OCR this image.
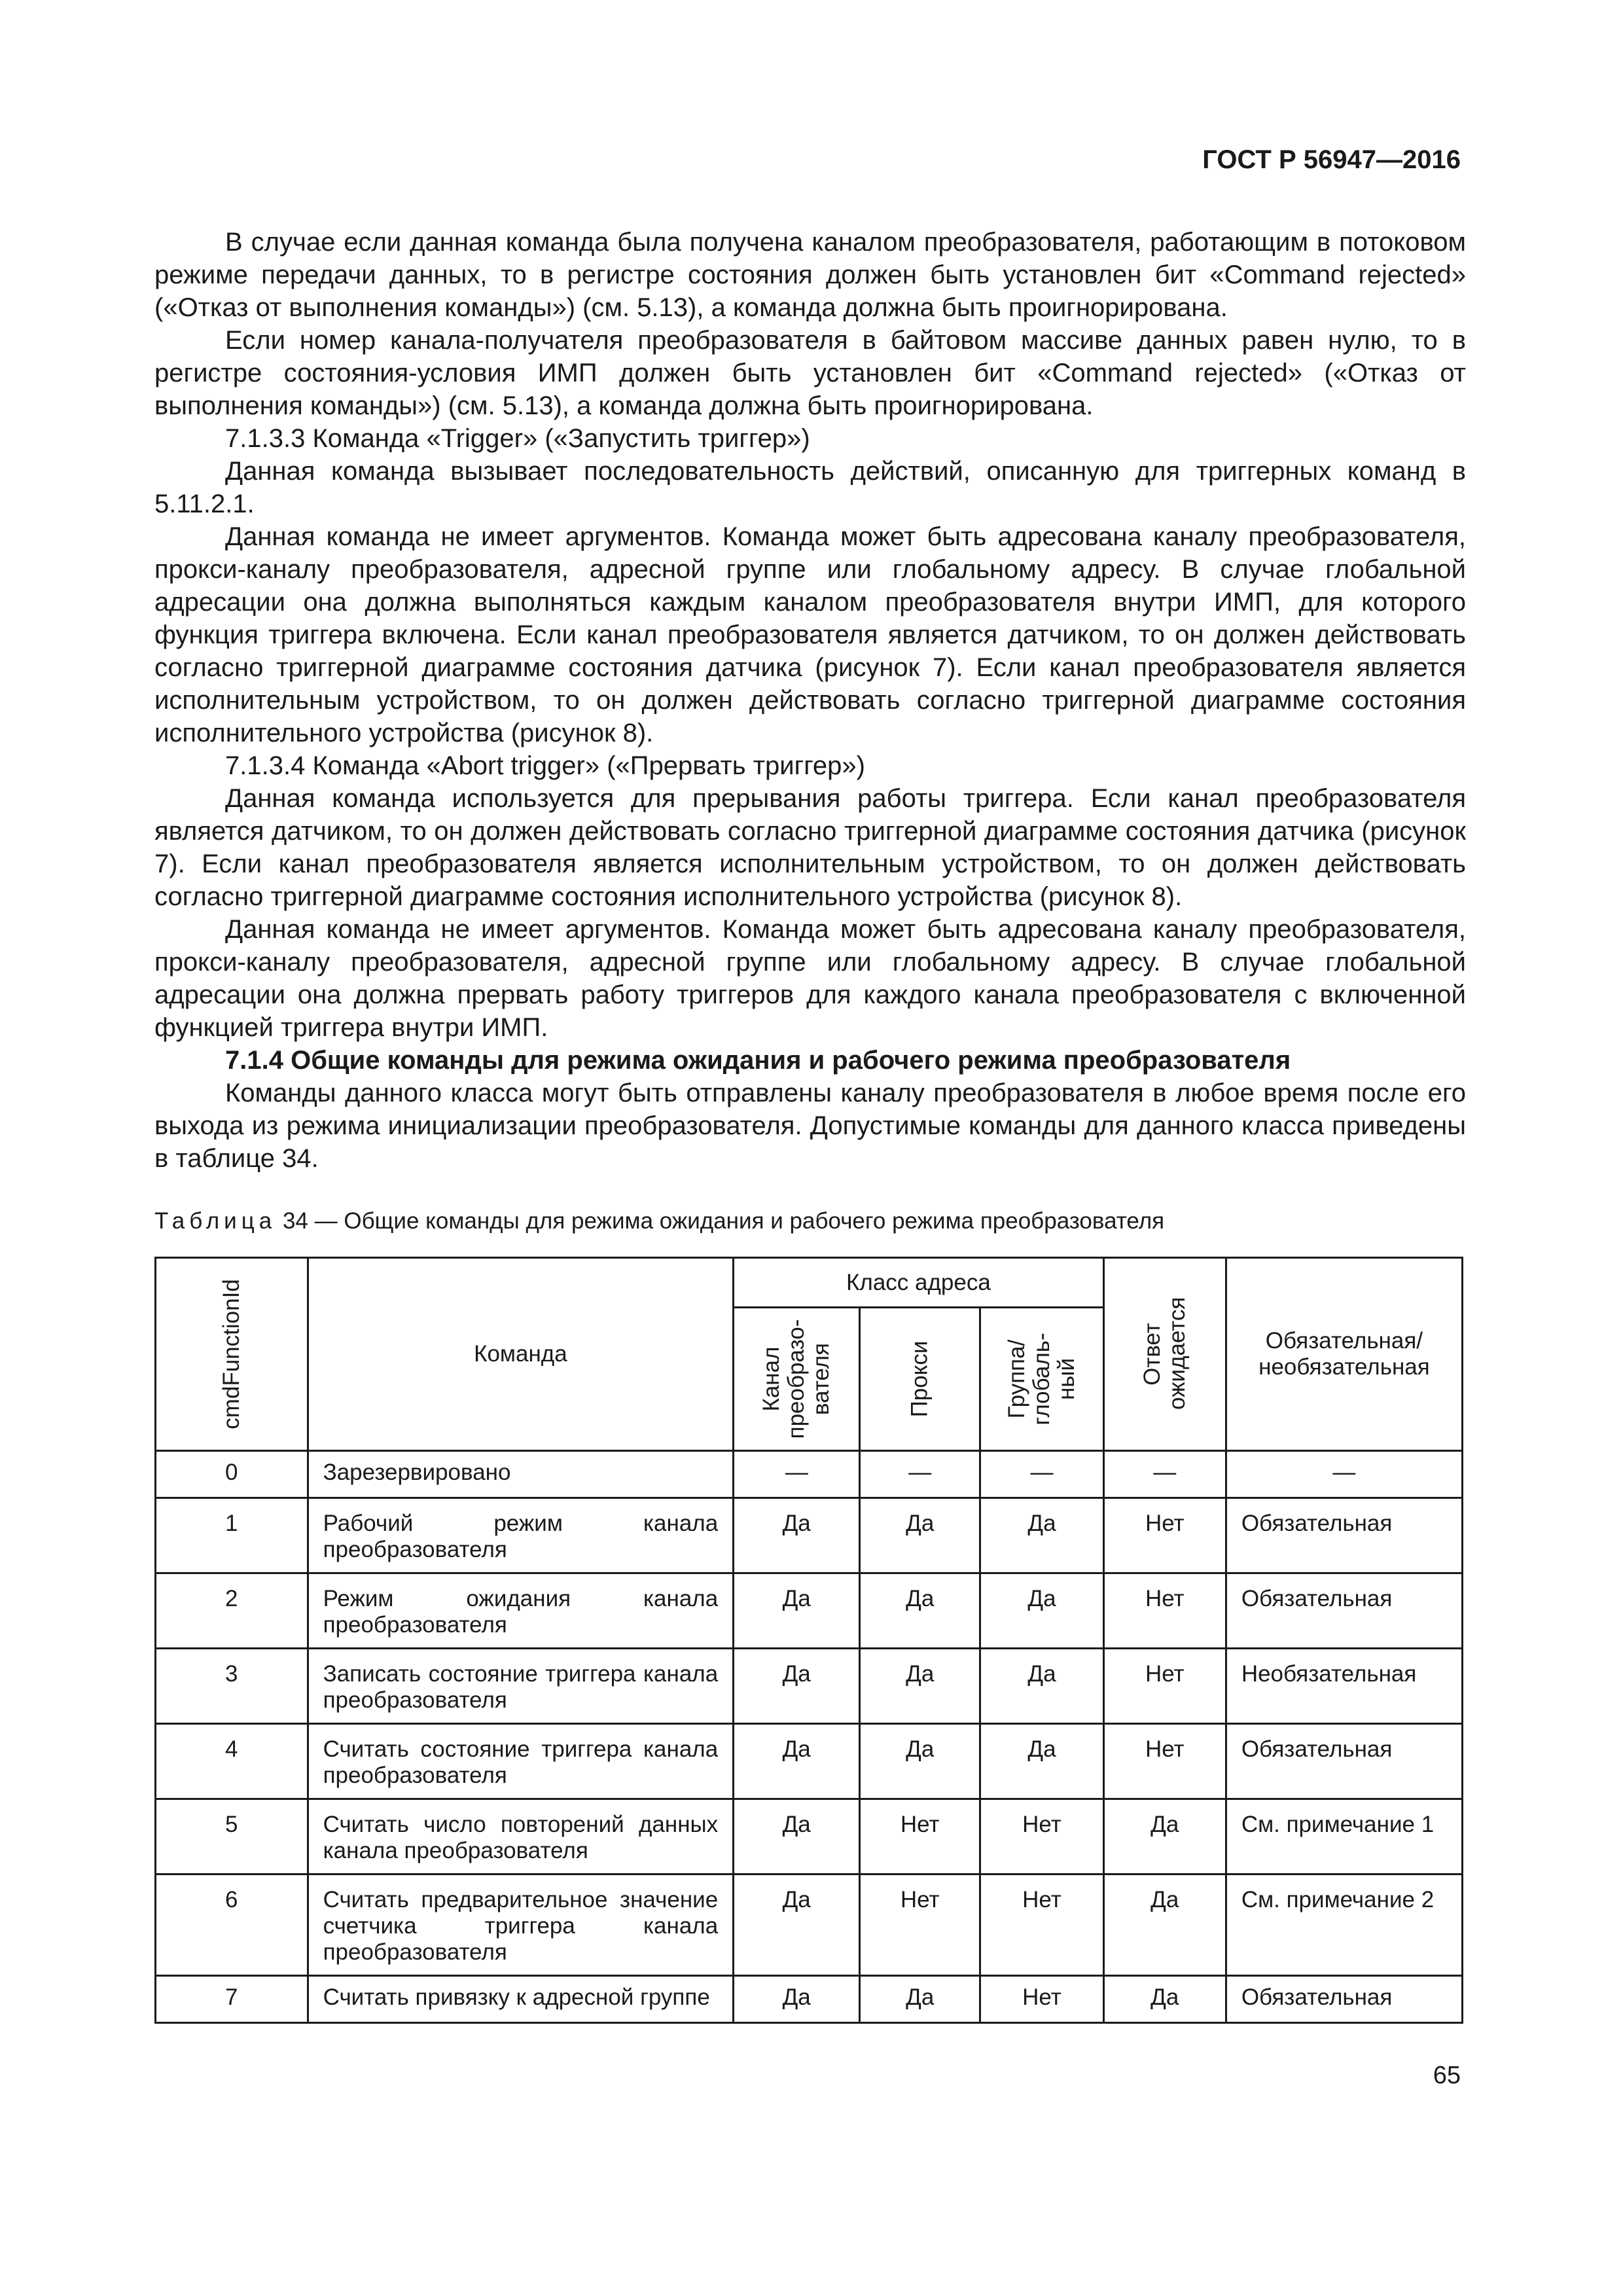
ГОСТ Р 56947—2016

В случае если данная команда была получена каналом преобразователя, работающим в потоковом режиме передачи данных, то в регистре состояния должен быть установлен бит «Command rejected» («Отказ от выполнения команды») (см. 5.13), а команда должна быть проигнорирована.

Если номер канала-получателя преобразователя в байтовом массиве данных равен нулю, то в регистре состояния-условия ИМП должен быть установлен бит «Command rejected» («Отказ от выполнения команды») (см. 5.13), а команда должна быть проигнорирована.

7.1.3.3 Команда «Trigger» («Запустить триггер»)

Данная команда вызывает последовательность действий, описанную для триггерных команд в 5.11.2.1.

Данная команда не имеет аргументов. Команда может быть адресована каналу преобразователя, прокси-каналу преобразователя, адресной группе или глобальному адресу. В случае глобальной адресации она должна выполняться каждым каналом преобразователя внутри ИМП, для которого функция триггера включена. Если канал преобразователя является датчиком, то он должен действовать согласно триггерной диаграмме состояния датчика (рисунок 7). Если канал преобразователя является исполнительным устройством, то он должен действовать согласно триггерной диаграмме состояния исполнительного устройства (рисунок 8).

7.1.3.4 Команда «Abort trigger» («Прервать триггер»)

Данная команда используется для прерывания работы триггера. Если канал преобразователя является датчиком, то он должен действовать согласно триггерной диаграмме состояния датчика (рисунок 7). Если канал преобразователя является исполнительным устройством, то он должен действовать согласно триггерной диаграмме состояния исполнительного устройства (рисунок 8).

Данная команда не имеет аргументов. Команда может быть адресована каналу преобразователя, прокси-каналу преобразователя, адресной группе или глобальному адресу. В случае глобальной адресации она должна прервать работу триггеров для каждого канала преобразователя с включенной функцией триггера внутри ИМП.

7.1.4 Общие команды для режима ожидания и рабочего режима преобразователя

Команды данного класса могут быть отправлены каналу преобразователя в любое время после его выхода из режима инициализации преобразователя. Допустимые команды для данного класса приведены в таблице 34.

Таблица 34 — Общие команды для режима ожидания и рабочего режима преобразователя
cmdFunctionId	Команда	Класс адреса			Ответ ожидается	Обязательная/ необязательная

		Канал преобразо-вателя	Прокси	Группа/ глобаль-ный		

0	Зарезервировано	—	—	—	—	—
1	Рабочий режим канала преобразователя	Да	Да	Да	Нет	Обязательная
2	Режим ожидания канала преобразователя	Да	Да	Да	Нет	Обязательная
3	Записать состояние триггера канала преобразователя	Да	Да	Да	Нет	Необязательная
4	Считать состояние триггера канала преобразователя	Да	Да	Да	Нет	Обязательная
5	Считать число повторений данных канала преобразователя	Да	Нет	Нет	Да	См. примечание 1
6	Считать предварительное значение счетчика триггера канала преобразователя	Да	Нет	Нет	Да	См. примечание 2
7	Считать привязку к адресной группе	Да	Да	Нет	Да	Обязательная
65
